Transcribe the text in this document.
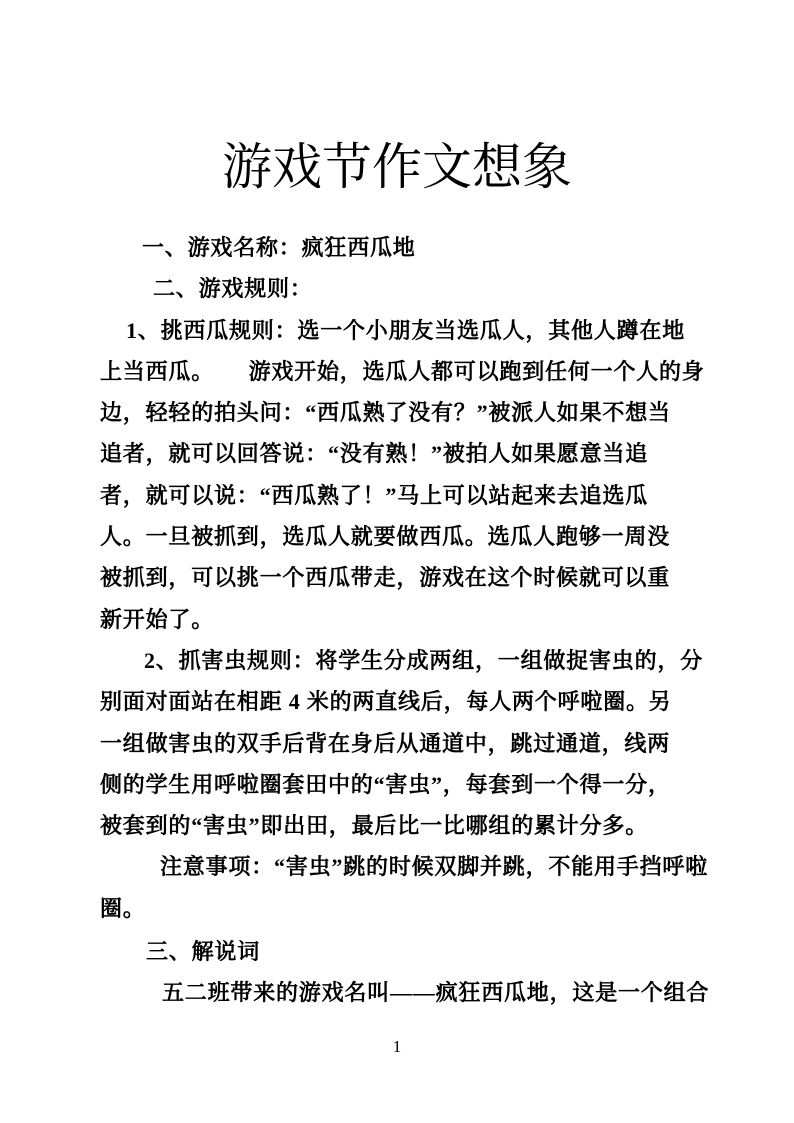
游戏节作文想象
一、游戏名称：疯狂西瓜地
二、游戏规则：
1、挑西瓜规则：选一个小朋友当选瓜人，其他人蹲在地
上当西瓜。　　游戏开始，选瓜人都可以跑到任何一个人的身
边，轻轻的拍头问：“西瓜熟了没有？”被派人如果不想当
追者，就可以回答说：“没有熟！”被拍人如果愿意当追
者，就可以说：“西瓜熟了！”马上可以站起来去追选瓜
人。一旦被抓到，选瓜人就要做西瓜。选瓜人跑够一周没
被抓到，可以挑一个西瓜带走，游戏在这个时候就可以重
新开始了。
2、抓害虫规则：将学生分成两组，一组做捉害虫的，分
别面对面站在相距 4 米的两直线后，每人两个呼啦圈。另
一组做害虫的双手后背在身后从通道中，跳过通道，线两
侧的学生用呼啦圈套田中的“害虫”，每套到一个得一分，
被套到的“害虫”即出田，最后比一比哪组的累计分多。
注意事项：“害虫”跳的时候双脚并跳，不能用手挡呼啦
圈。
三、解说词
五二班带来的游戏名叫——疯狂西瓜地，这是一个组合
1
